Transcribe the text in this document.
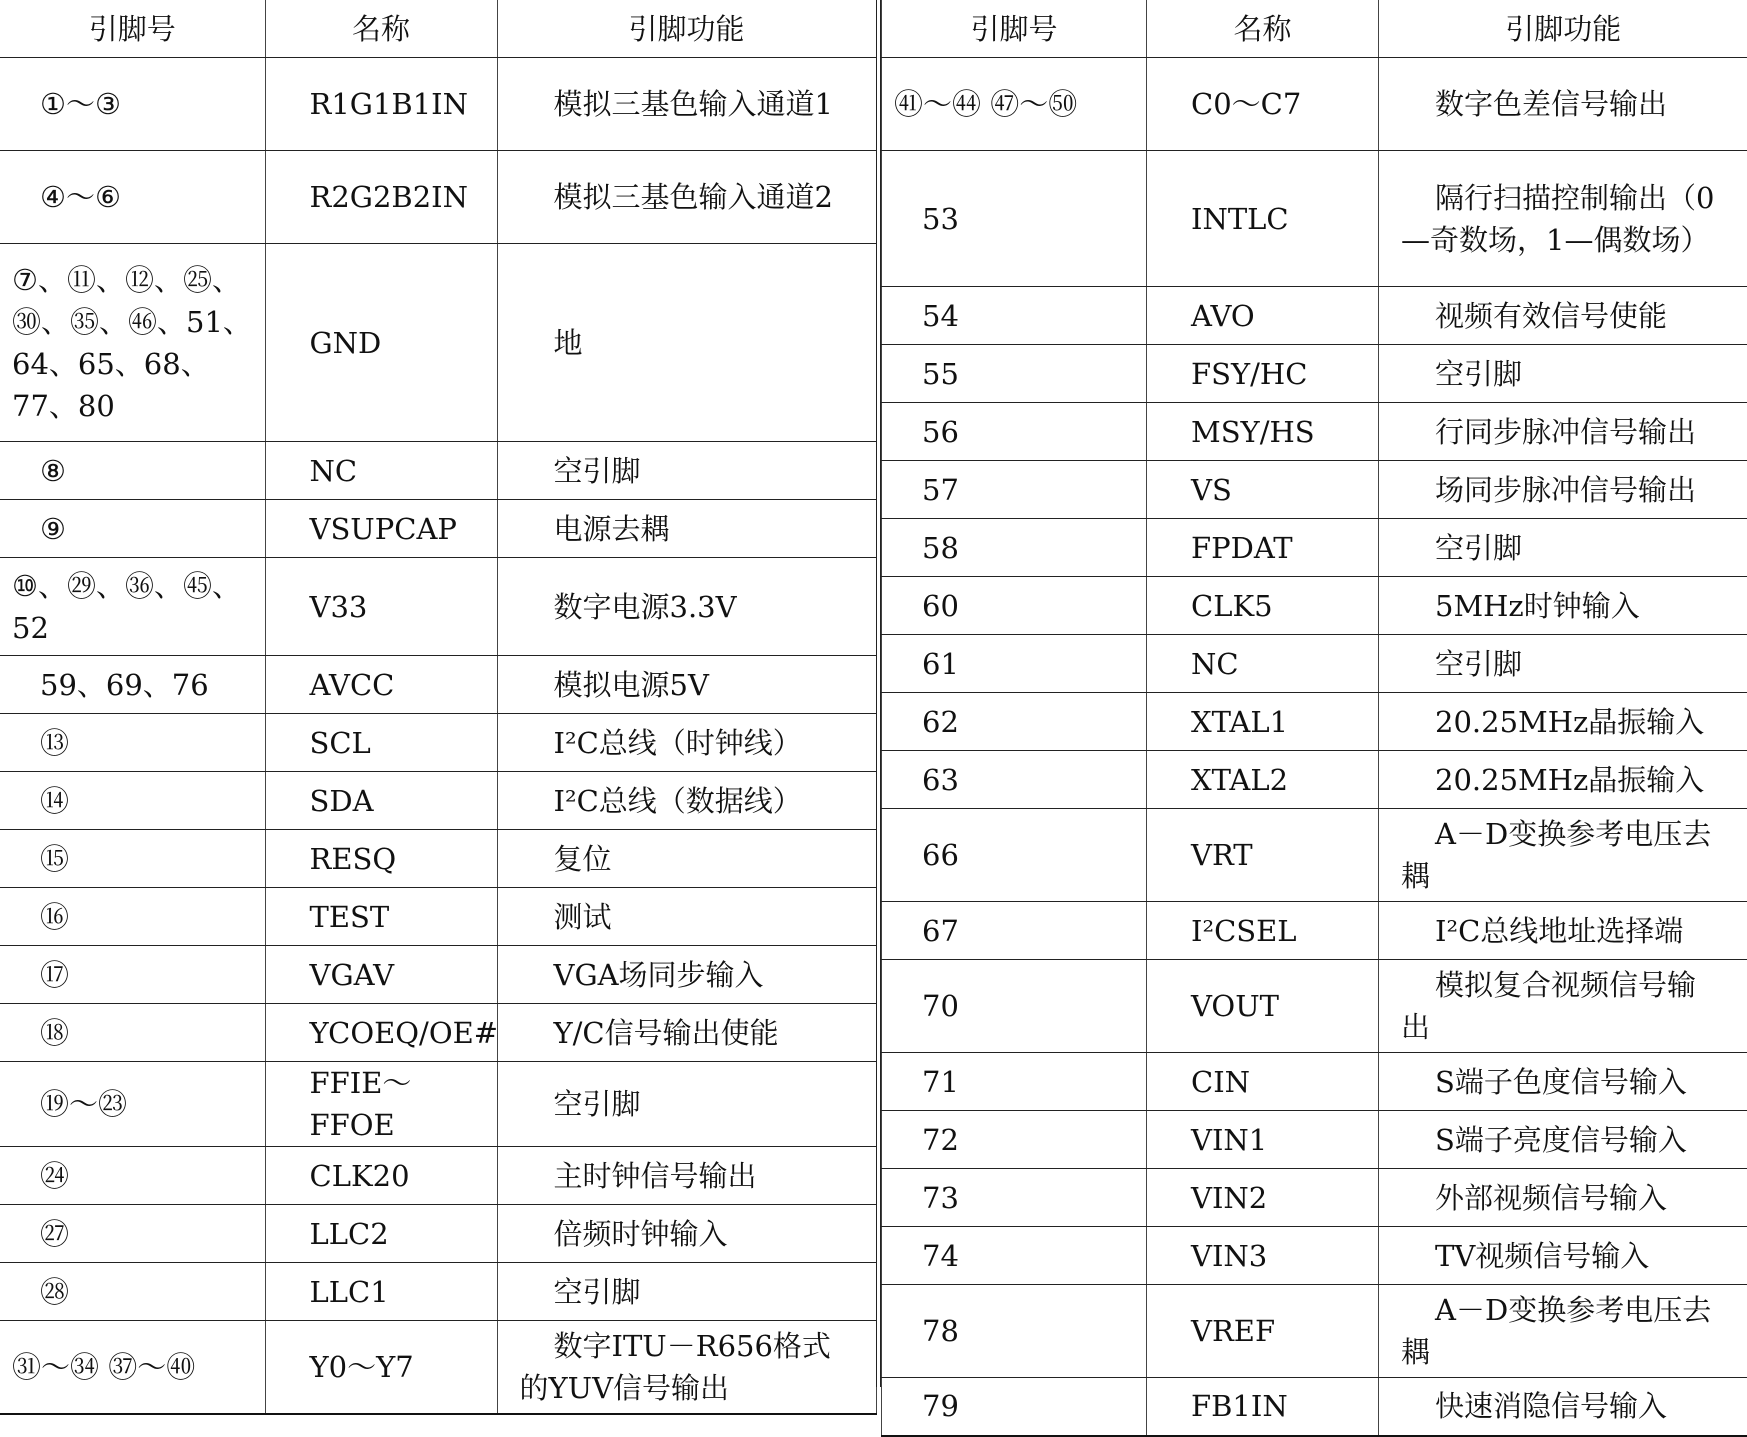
引脚号	名称	引脚功能
①～③	R1G1B1IN	模拟三基色输入通道1
④～⑥	R2G2B2IN	模拟三基色输入通道2
⑦、⑪、⑫、㉕、㉚、㉟、㊻、51、64、65、68、77、80	GND	地
⑧	NC	空引脚
⑨	VSUPCAP	电源去耦
⑩、㉙、㊱、㊺、52	V33	数字电源3.3V
59、69、76	AVCC	模拟电源5V
⑬	SCL	I²C总线（时钟线）
⑭	SDA	I²C总线（数据线）
⑮	RESQ	复位
⑯	TEST	测试
⑰	VGAV	VGA场同步输入
⑱	YCOEQ/OE#	Y/C信号输出使能
⑲～㉓	FFIE～FFOE	空引脚
㉔	CLK20	主时钟信号输出
㉗	LLC2	倍频时钟输入
㉘	LLC1	空引脚
㉛～㉞ ㊲～㊵	Y0～Y7	数字ITU－R656格式的YUV信号输出
引脚号	名称	引脚功能
㊶～㊹ ㊼～㊿	C0～C7	数字色差信号输出
53	INTLC	隔行扫描控制输出（0—奇数场，1—偶数场）
54	AVO	视频有效信号使能
55	FSY/HC	空引脚
56	MSY/HS	行同步脉冲信号输出
57	VS	场同步脉冲信号输出
58	FPDAT	空引脚
60	CLK5	5MHz时钟输入
61	NC	空引脚
62	XTAL1	20.25MHz晶振输入
63	XTAL2	20.25MHz晶振输入
66	VRT	A－D变换参考电压去耦
67	I²CSEL	I²C总线地址选择端
70	VOUT	模拟复合视频信号输出
71	CIN	S端子色度信号输入
72	VIN1	S端子亮度信号输入
73	VIN2	外部视频信号输入
74	VIN3	TV视频信号输入
78	VREF	A－D变换参考电压去耦
79	FB1IN	快速消隐信号输入
